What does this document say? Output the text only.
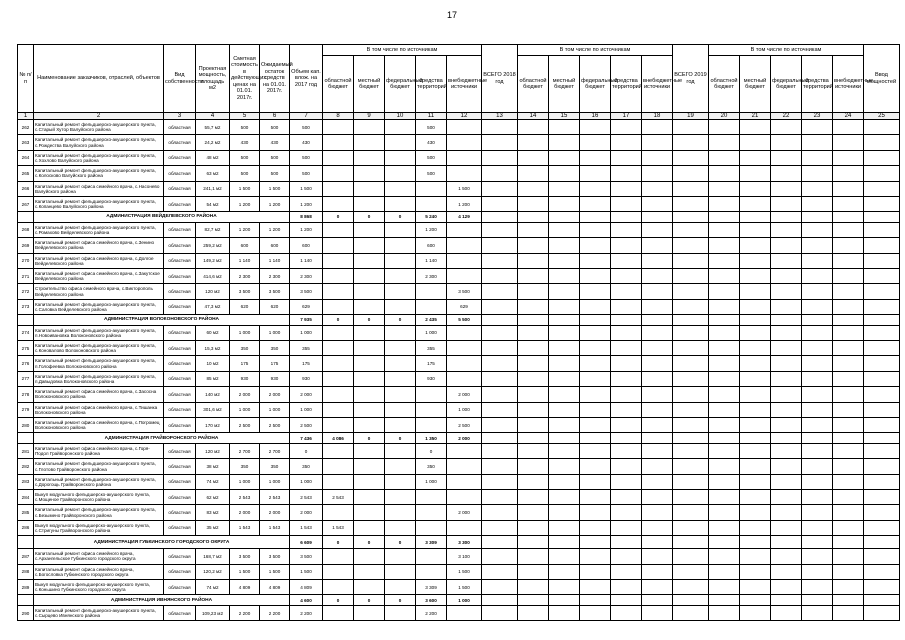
17
№ п/п	Наименование заказчиков, отраслей, объектов	Вид собственности	Проектная мощность, площадь м2	Сметная стоимость в действующих ценах на 01.01. 2017г.	Ожидаемый остаток средств на 01.01. 2017г.	Объем кап. влож. на 2017 год	В том числе по источникам					ВСЕГО 2018 год	В том числе по источникам					ВСЕГО 2019 год	В том числе по источникам					Ввод мощностей
							областной бюджет	местный бюджет	федеральный бюджет	средства территорий	внебюджетные источники		областной бюджет	местный бюджет	федеральный бюджет	средства территорий	внебюджетные источники		областной бюджет	местный бюджет	федеральный бюджет	средства территорий	внебюджетные источники	
1	2	3	4	5	6	7	8	9	10	11	12	13	14	15	16	17	18	19	20	21	22	23	24	25
262	Капитальный ремонт фельдшерско-акушерского пункта, с.Старый Хутор Валуйского района	областная	55,7 м2	500	500	500				500														
263	Капитальный ремонт фельдшерско-акушерского пункта, с.Рождества Валуйского района	областная	24,2 м2	430	430	430				430														
264	Капитальный ремонт фельдшерско-акушерского пункта, с.Хохлово Валуйского района	областная	48 м2	500	500	500				500														
265	Капитальный ремонт фельдшерско-акушерского пункта, с.Колосково Валуйского района	областная	63 м2	500	500	500				500														
266	Капитальный ремонт офиса семейного врача, с.Насонево Валуйского района	областная	241,1 м2	1 500	1 500	1 500					1 500													
267	Капитальный ремонт фельдшерско-акушерского пункта, с.Копанцево Валуйского района	областная	54 м2	1 200	1 200	1 200					1 200													
	АДМИНИСТРАЦИЯ ВЕЙДЕЛЕВСКОГО РАЙОНА					8 868	0	0	0	5 240	4 129													
268	Капитальный ремонт фельдшерско-акушерского пункта, с.Ромахово Вейделевского района	областная	82,7 м2	1 200	1 200	1 200				1 200														
269	Капитальный ремонт офиса семейного врача, с.Зенино Вейделевского района	областная	259,2 м2	600	600	600				600														
270	Капитальный ремонт офиса семейного врача, с.Долгое Вейделевского района	областная	149,2 м2	1 140	1 140	1 140				1 140														
271	Капитальный ремонт офиса семейного врача, с.Закутское Вейделевского района	областная	414,6 м2	2 300	2 300	2 300				2 300														
272	Строительство офиса семейного врача, с.Викторополь Вейделевского района	областная	120 м2	3 500	3 500	3 500					3 500													
273	Капитальный ремонт фельдшерско-акушерского пункта, с.Саловка Вейделевского района	областная	47,3 м2	620	620	629					629													
	АДМИНИСТРАЦИЯ ВОЛОКОНОВСКОГО РАЙОНА					7 935	0	0	0	2 435	5 500													
274	Капитальный ремонт фельдшерско-акушерского пункта, п.Новоивановка Волоконовского района	областная	60 м2	1 000	1 000	1 000				1 000														
275	Капитальный ремонт фельдшерско-акушерского пункта, с.Коновалово Волоконовского района	областная	15,3 м2	350	350	355				355														
276	Капитальный ремонт фельдшерско-акушерского пункта, п.Голофеевка Волоконовского района	областная	10 м2	175	175	175				175														
277	Капитальный ремонт фельдшерско-акушерского пункта, п.Давыдовка Волоконовского района	областная	85 м2	930	930	930				930														
278	Капитальный ремонт офиса семейного врача, с.Засосна Волоконовского района	областная	140 м2	2 000	2 000	2 000					2 000													
279	Капитальный ремонт офиса семейного врача, с.Тишанка Волоконовского района	областная	301,6 м2	1 000	1 000	1 000					1 000													
280	Капитальный ремонт офиса семейного врача, с.Погромец Волоконовского района	областная	170 м2	2 500	2 500	2 500					2 500													
	АДМИНИСТРАЦИЯ ГРАЙВОРОНСКОГО РАЙОНА					7 436	4 086	0	0	1 350	2 000													
281	Капитальный ремонт офиса семейного врача, с.Горя-Подол Грайворонского района	областная	120 м2	2 700	2 700	0				0														
282	Капитальный ремонт фельдшерско-акушерского пункта, с.Глотово Грайворонского района	областная	38 м2	350	350	350				350														
283	Капитальный ремонт фельдшерско-акушерского пункта, с.Дорогощь Грайворонского района	областная	74 м2	1 000	1 000	1 000				1 000														
284	Выкуп модульного фельдшерско-акушерского пункта, с.Мощеное Грайворонского района	областная	62 м2	2 543	2 543	2 543	2 543																	
285	Капитальный ремонт фельдшерско-акушерского пункта, с.Безымено Грайворонского района	областная	83 м2	2 000	2 000	2 000					2 000													
286	Выкуп модульного фельдшерско-акушерского пункта, с.Стригуны Грайворонского района	областная	35 м2	1 543	1 543	1 543	1 543																	
	АДМИНИСТРАЦИЯ ГУБКИНСКОГО ГОРОДСКОГО ОКРУГА					6 609	0	0	0	3 309	3 300													
287	Капитальный ремонт офиса семейного врача, с.Архангельское Губкинского городского округа	областная	168,7 м2	3 500	3 500	3 500					3 100													
288	Капитальный ремонт офиса семейного врача, с.Богословка Губкинского городского округа	областная	120,2 м2	1 500	1 500	1 500					1 500													
289	Выкуп модульного фельдшерско-акушерского пункта, с.Коньшино Губкинского городского округа	областная	74 м2	4 809	4 809	4 809				3 309	1 500													
	АДМИНИСТРАЦИЯ ИВНЯНСКОГО РАЙОНА					4 600	0	0	0	3 600	1 000													
290	Капитальный ремонт фельдшерско-акушерского пункта, с.Сырцево Ивнянского района	областная	109,23 м2	2 200	2 200	2 200				2 200														
